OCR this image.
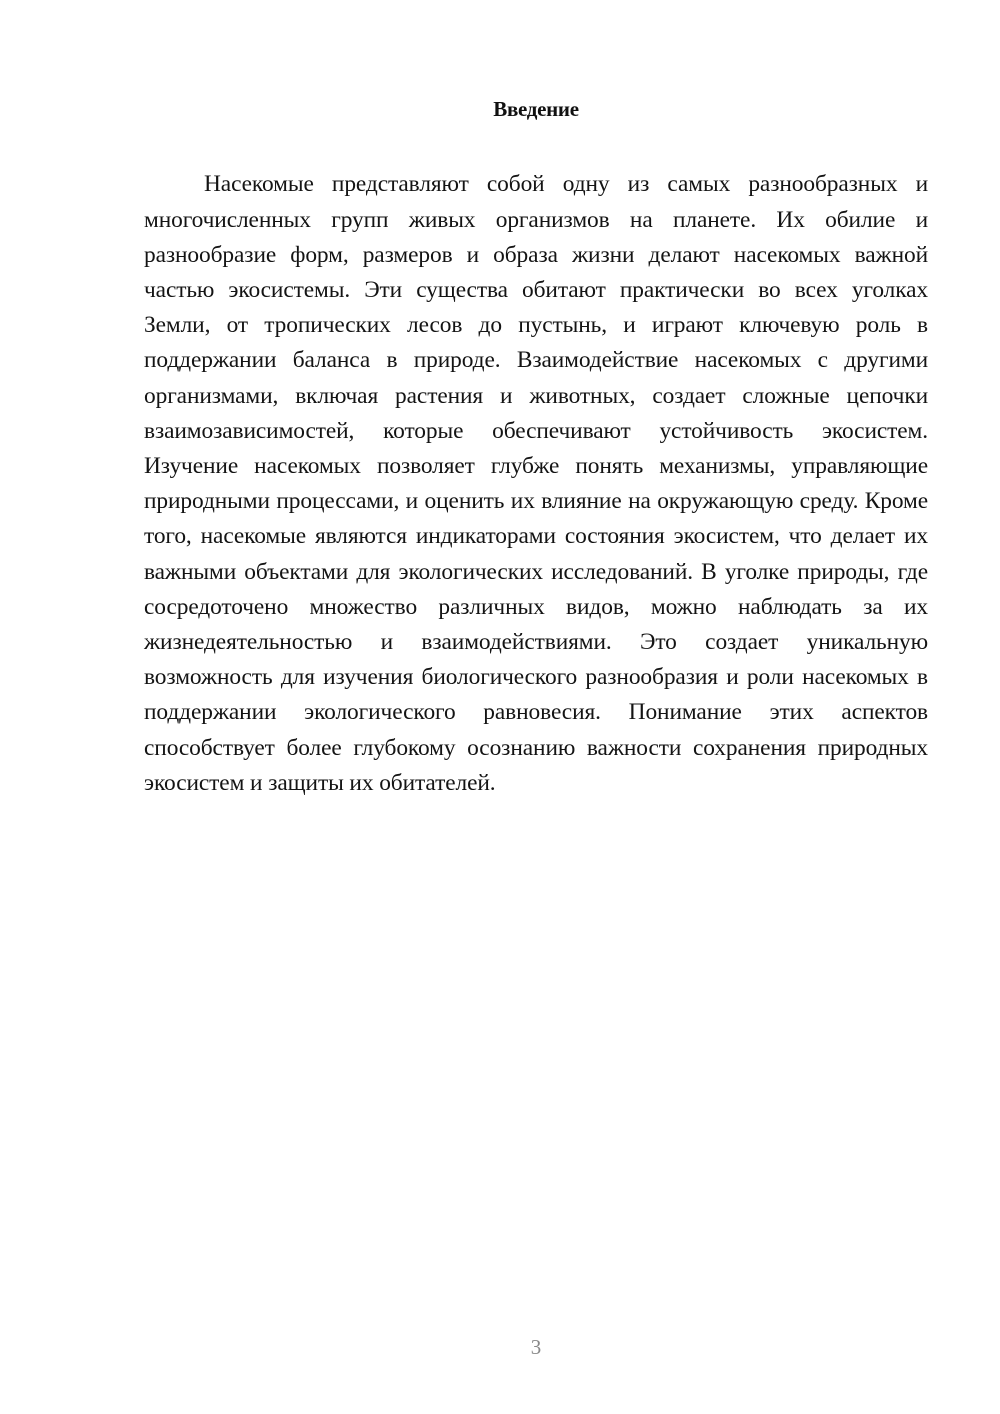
Введение

Насекомые представляют собой одну из самых разнообразных и многочисленных групп живых организмов на планете. Их обилие и разнообразие форм, размеров и образа жизни делают насекомых важной частью экосистемы. Эти существа обитают практически во всех уголках Земли, от тропических лесов до пустынь, и играют ключевую роль в поддержании баланса в природе. Взаимодействие насекомых с другими организмами, включая растения и животных, создает сложные цепочки взаимозависимостей, которые обеспечивают устойчивость экосистем. Изучение насекомых позволяет глубже понять механизмы, управляющие природными процессами, и оценить их влияние на окружающую среду. Кроме того, насекомые являются индикаторами состояния экосистем, что делает их важными объектами для экологических исследований. В уголке природы, где сосредоточено множество различных видов, можно наблюдать за их жизнедеятельностью и взаимодействиями. Это создает уникальную возможность для изучения биологического разнообразия и роли насекомых в поддержании экологического равновесия. Понимание этих аспектов способствует более глубокому осознанию важности сохранения природных экосистем и защиты их обитателей.

3
